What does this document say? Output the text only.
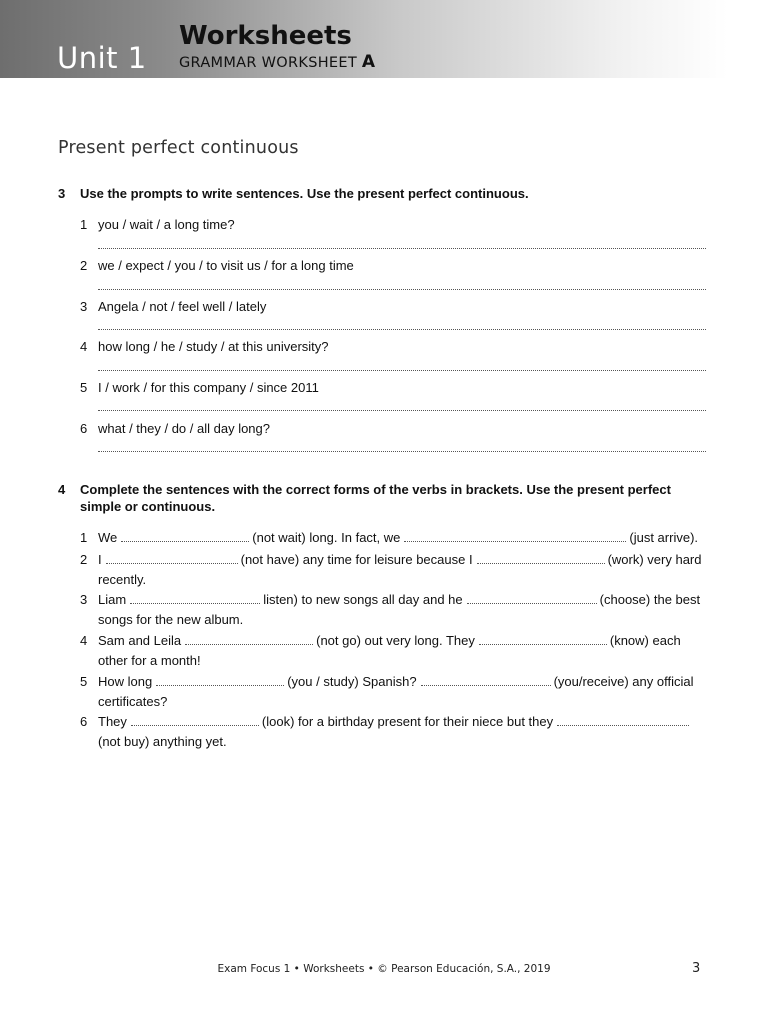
Unit 1
Worksheets
GRAMMAR WORKSHEET A
Present perfect continuous
3 Use the prompts to write sentences. Use the present perfect continuous.
1 you / wait / a long time?
2 we / expect / you / to visit us / for a long time
3 Angela / not / feel well / lately
4 how long / he / study / at this university?
5 I / work / for this company / since 2011
6 what / they / do / all day long?
4 Complete the sentences with the correct forms of the verbs in brackets. Use the present perfect simple or continuous.
1 We	(not wait) long. In fact, we	(just arrive).
2 I	(not have) any time for leisure because I	(work) very hard recently.
3 Liam	listen) to new songs all day and he	(choose) the best songs for the new album.
4 Sam and Leila	(not go) out very long. They	(know) each other for a month!
5 How long	(you / study) Spanish?	(you/receive) any official certificates?
6 They	(look) for a birthday present for their niece but they(not buy) anything yet.
Exam Focus 1 • Worksheets • © Pearson Educación, S.A., 2019	3
